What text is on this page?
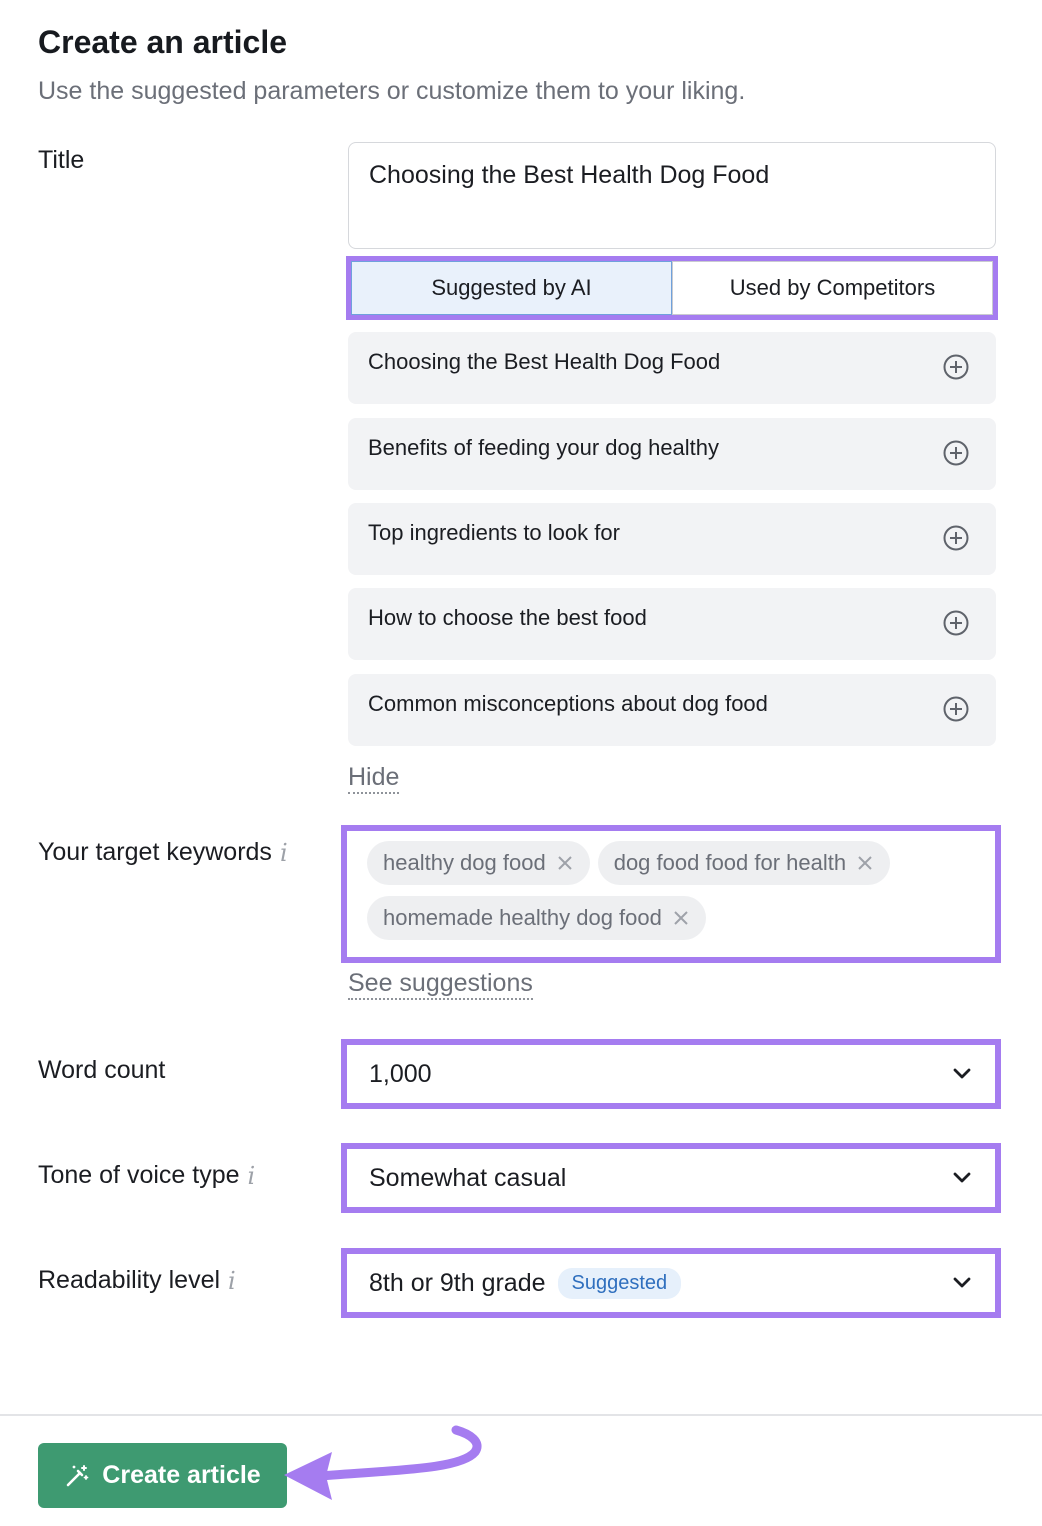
Create an article
Use the suggested parameters or customize them to your liking.
Title
Choosing the Best Health Dog Food
Suggested by AI	Used by Competitors
Choosing the Best Health Dog Food
Benefits of feeding your dog healthy
Top ingredients to look for
How to choose the best food
Common misconceptions about dog food
Hide
Your target keywords i	healthy dog food	dog food food for health
homemade healthy dog food
See suggestions
Word count	1,000
Tone of voice type i	Somewhat casual
Readability level i	8th or 9th grade	Suggested
Create article
